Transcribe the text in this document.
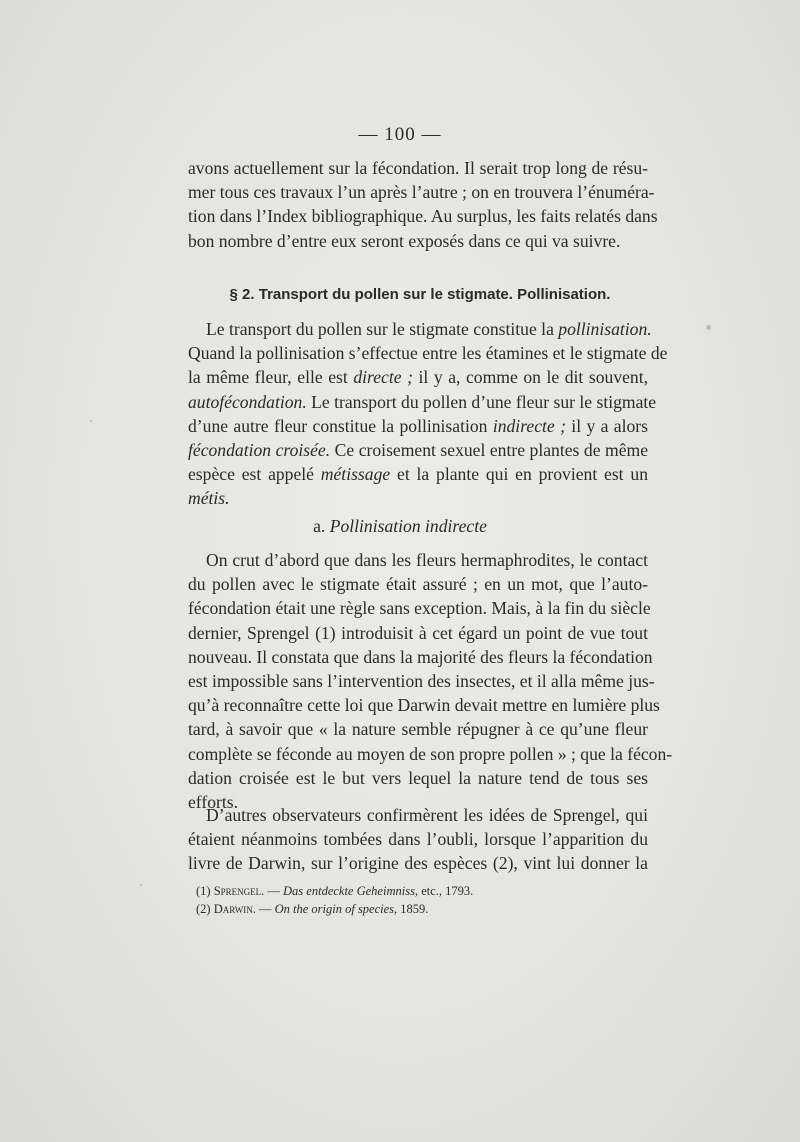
— 100 —
avons actuellement sur la fécondation. Il serait trop long de résu-
mer tous ces travaux l’un après l’autre ; on en trouvera l’énuméra-
tion dans l’Index bibliographique. Au surplus, les faits relatés dans
bon nombre d’entre eux seront exposés dans ce qui va suivre.
§ 2. Transport du pollen sur le stigmate. Pollinisation.
Le transport du pollen sur le stigmate constitue la pollinisation.
Quand la pollinisation s’effectue entre les étamines et le stigmate de
la même fleur, elle est directe ; il y a, comme on le dit souvent,
autofécondation. Le transport du pollen d’une fleur sur le stigmate
d’une autre fleur constitue la pollinisation indirecte ; il y a alors
fécondation croisée. Ce croisement sexuel entre plantes de même
espèce est appelé métissage et la plante qui en provient est un
métis.
a. Pollinisation indirecte
On crut d’abord que dans les fleurs hermaphrodites, le contact
du pollen avec le stigmate était assuré ; en un mot, que l’auto-
fécondation était une règle sans exception. Mais, à la fin du siècle
dernier, Sprengel (1) introduisit à cet égard un point de vue tout
nouveau. Il constata que dans la majorité des fleurs la fécondation
est impossible sans l’intervention des insectes, et il alla même jus-
qu’à reconnaître cette loi que Darwin devait mettre en lumière plus
tard, à savoir que « la nature semble répugner à ce qu’une fleur
complète se féconde au moyen de son propre pollen » ; que la fécon-
dation croisée est le but vers lequel la nature tend de tous ses
efforts.
D’autres observateurs confirmèrent les idées de Sprengel, qui
étaient néanmoins tombées dans l’oubli, lorsque l’apparition du
livre de Darwin, sur l’origine des espèces (2), vint lui donner la
(1) Sprengel. — Das entdeckte Geheimniss, etc., 1793.
(2) Darwin. — On the origin of species, 1859.
